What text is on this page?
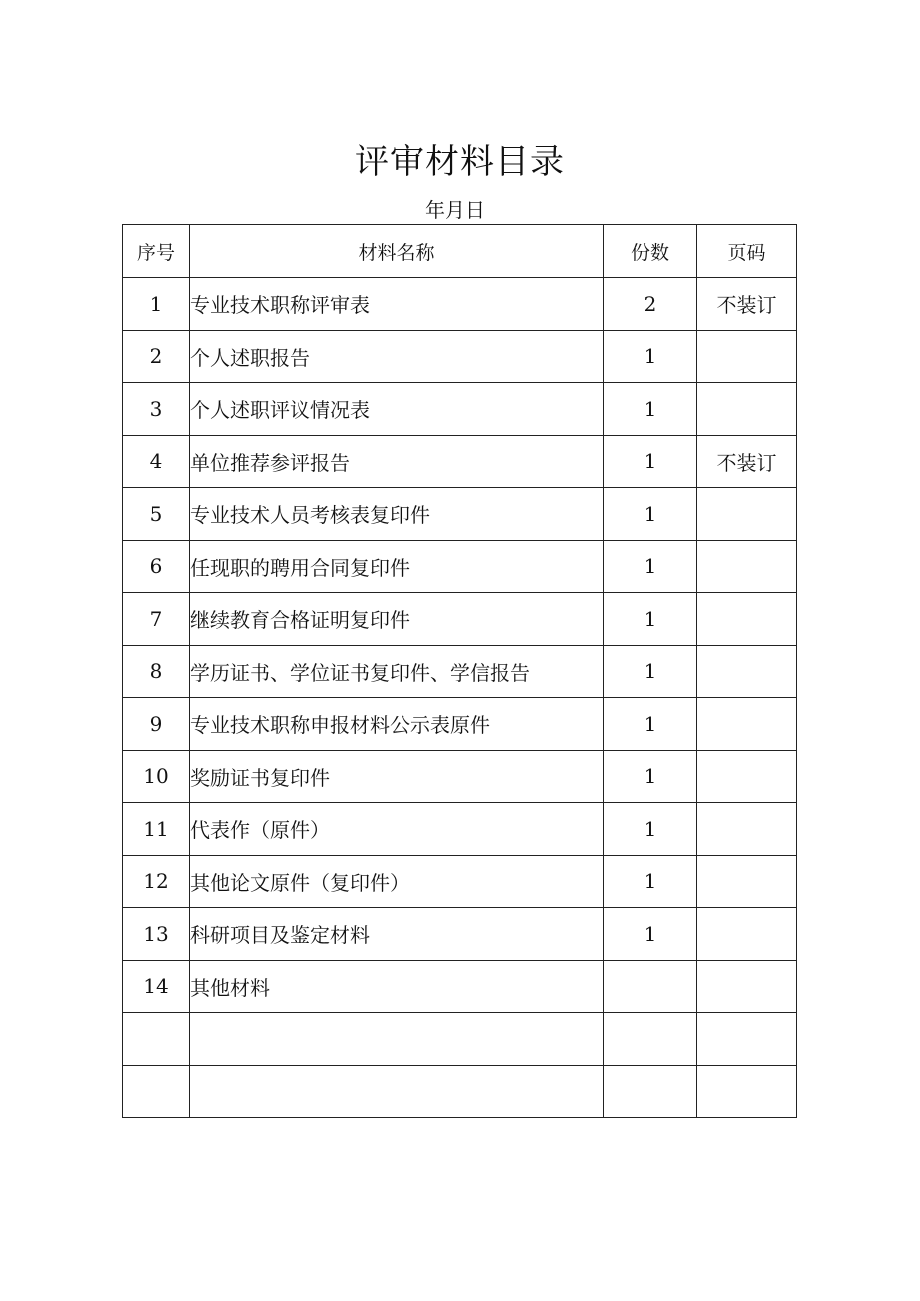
评审材料目录
年月日
序号	材料名称	份数	页码
1	专业技术职称评审表	2	不装订
2	个人述职报告	1	
3	个人述职评议情况表	1	
4	单位推荐参评报告	1	不装订
5	专业技术人员考核表复印件	1	
6	任现职的聘用合同复印件	1	
7	继续教育合格证明复印件	1	
8	学历证书、学位证书复印件、学信报告	1	
9	专业技术职称申报材料公示表原件	1	
10	奖励证书复印件	1	
11	代表作（原件）	1	
12	其他论文原件（复印件）	1	
13	科研项目及鉴定材料	1	
14	其他材料		
